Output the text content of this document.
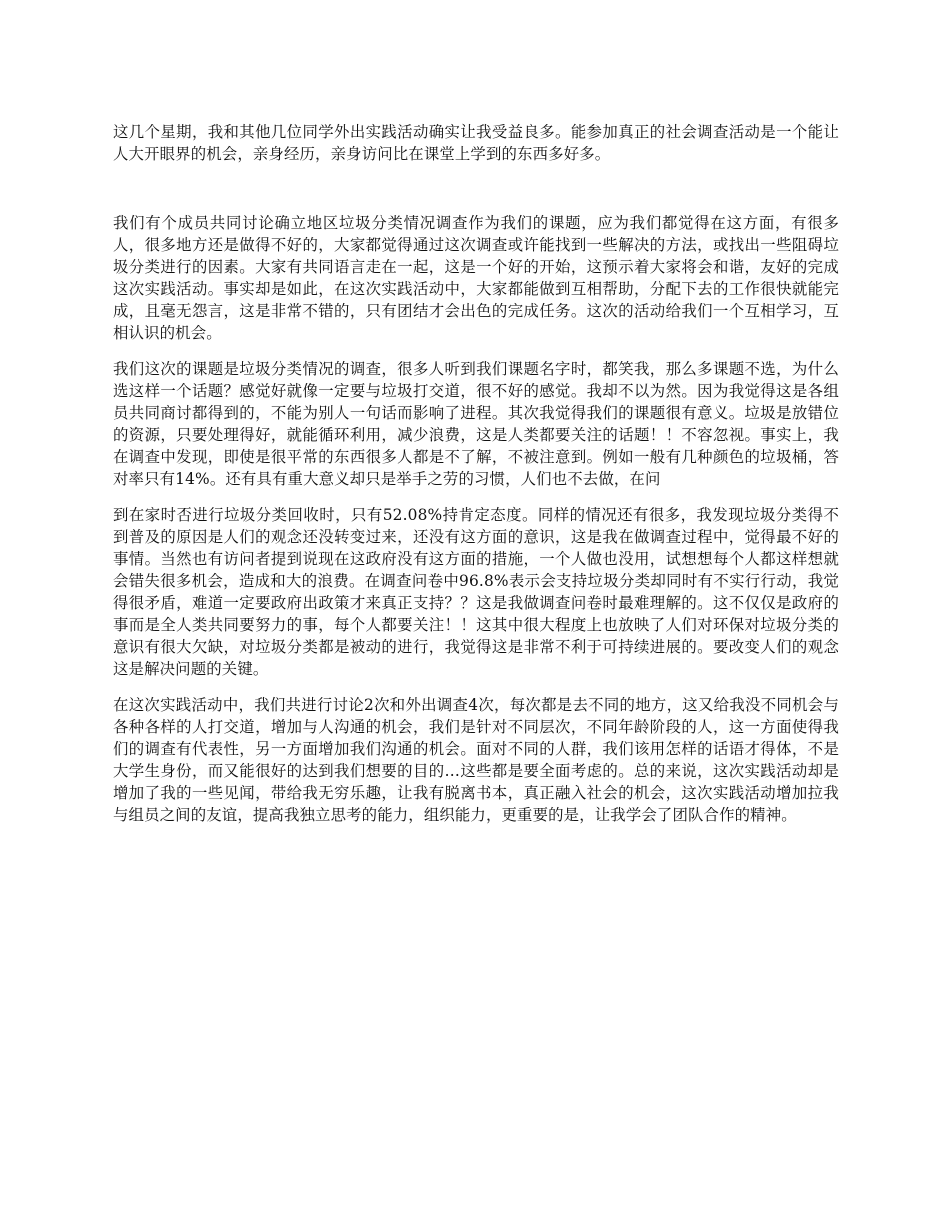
这几个星期，我和其他几位同学外出实践活动确实让我受益良多。能参加真正的社会调查活动是一个能让人大开眼界的机会，亲身经历，亲身访问比在课堂上学到的东西多好多。

我们有个成员共同讨论确立地区垃圾分类情况调查作为我们的课题，应为我们都觉得在这方面，有很多人，很多地方还是做得不好的，大家都觉得通过这次调查或许能找到一些解决的方法，或找出一些阻碍垃圾分类进行的因素。大家有共同语言走在一起，这是一个好的开始，这预示着大家将会和谐，友好的完成这次实践活动。事实却是如此，在这次实践活动中，大家都能做到互相帮助，分配下去的工作很快就能完成，且毫无怨言，这是非常不错的，只有团结才会出色的完成任务。这次的活动给我们一个互相学习，互相认识的机会。

我们这次的课题是垃圾分类情况的调查，很多人听到我们课题名字时，都笑我，那么多课题不选，为什么选这样一个话题？感觉好就像一定要与垃圾打交道，很不好的感觉。我却不以为然。因为我觉得这是各组员共同商讨都得到的，不能为别人一句话而影响了进程。其次我觉得我们的课题很有意义。垃圾是放错位的资源，只要处理得好，就能循环利用，减少浪费，这是人类都要关注的话题！！不容忽视。事实上，我在调查中发现，即使是很平常的东西很多人都是不了解，不被注意到。例如一般有几种颜色的垃圾桶，答对率只有14%。还有具有重大意义却只是举手之劳的习惯，人们也不去做，在问

到在家时否进行垃圾分类回收时，只有52.08%持肯定态度。同样的情况还有很多，我发现垃圾分类得不到普及的原因是人们的观念还没转变过来，还没有这方面的意识，这是我在做调查过程中，觉得最不好的事情。当然也有访问者提到说现在这政府没有这方面的措施，一个人做也没用，试想想每个人都这样想就会错失很多机会，造成和大的浪费。在调查问卷中96.8%表示会支持垃圾分类却同时有不实行行动，我觉得很矛盾，难道一定要政府出政策才来真正支持？？这是我做调查问卷时最难理解的。这不仅仅是政府的事而是全人类共同要努力的事，每个人都要关注！！这其中很大程度上也放映了人们对环保对垃圾分类的意识有很大欠缺，对垃圾分类都是被动的进行，我觉得这是非常不利于可持续进展的。要改变人们的观念这是解决问题的关键。

在这次实践活动中，我们共进行讨论2次和外出调查4次，每次都是去不同的地方，这又给我没不同机会与各种各样的人打交道，增加与人沟通的机会，我们是针对不同层次，不同年龄阶段的人，这一方面使得我们的调查有代表性，另一方面增加我们沟通的机会。面对不同的人群，我们该用怎样的话语才得体，不是大学生身份，而又能很好的达到我们想要的目的…这些都是要全面考虑的。总的来说，这次实践活动却是增加了我的一些见闻，带给我无穷乐趣，让我有脱离书本，真正融入社会的机会，这次实践活动增加拉我与组员之间的友谊，提高我独立思考的能力，组织能力，更重要的是，让我学会了团队合作的精神。
